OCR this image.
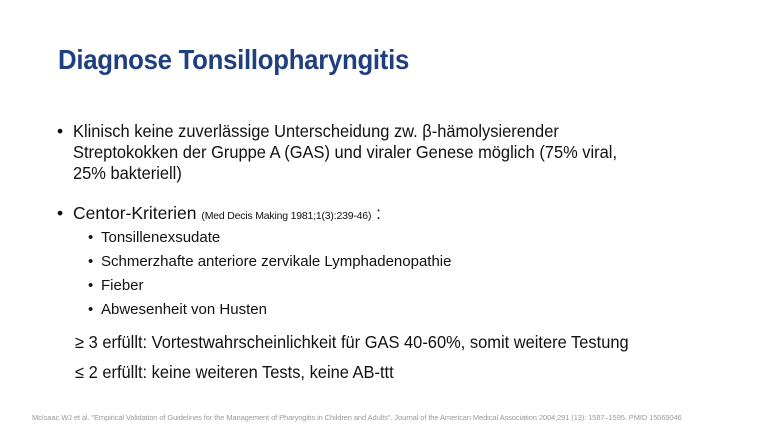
Diagnose Tonsillopharyngitis
• Klinisch keine zuverlässige Unterscheidung zw. β-hämolysierender
Streptokokken der Gruppe A (GAS) und viraler Genese möglich (75% viral,
25% bakteriell)
• Centor-Kriterien (Med Decis Making 1981;1(3):239-46) :
• Tonsillenexsudate
• Schmerzhafte anteriore zervikale Lymphadenopathie
• Fieber
• Abwesenheit von Husten
≥ 3 erfüllt: Vortestwahrscheinlichkeit für GAS 40-60%, somit weitere Testung
≤ 2 erfüllt: keine weiteren Tests, keine AB-ttt
McIsaac WJ et al. "Empirical Validation of Guidelines for the Management of Pharyngitis in Children and Adults". Journal of the American Medical Association 2004;291 (13): 1587–1595. PMID 15069046
